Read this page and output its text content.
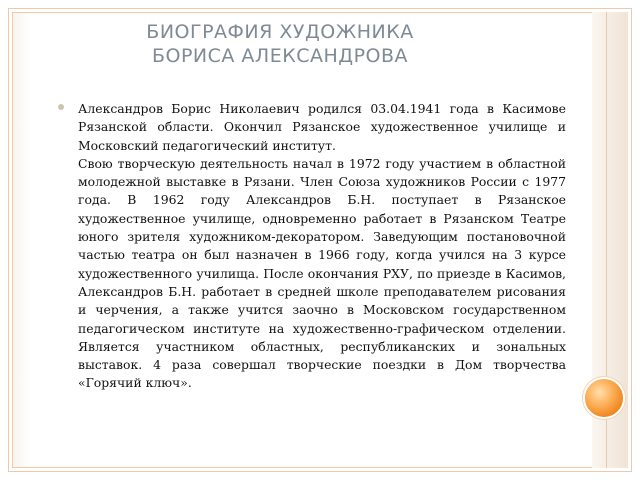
БИОГРАФИЯ ХУДОЖНИКА
БОРИСА АЛЕКСАНДРОВА

Александров Борис Николаевич родился 03.04.1941 года в Касимове Рязанской области. Окончил Рязанское художественное училище и Московский педагогический институт.

Свою творческую деятельность начал в 1972 году участием в областной молодежной выставке в Рязани. Член Союза художников России с 1977 года. В 1962 году Александров Б.Н. поступает в Рязанское художественное училище, одновременно работает в Рязанском Театре юного зрителя художником-декоратором. Заведующим постановочной частью театра он был назначен в 1966 году, когда учился на 3 курсе художественного училища. После окончания РХУ, по приезде в Касимов, Александров Б.Н. работает в средней школе преподавателем рисования и черчения, а также учится заочно в Московском государственном педагогическом институте на художественно-графическом отделении. Является участником областных, республиканских и зональных выставок. 4 раза совершал творческие поездки в Дом творчества «Горячий ключ».
